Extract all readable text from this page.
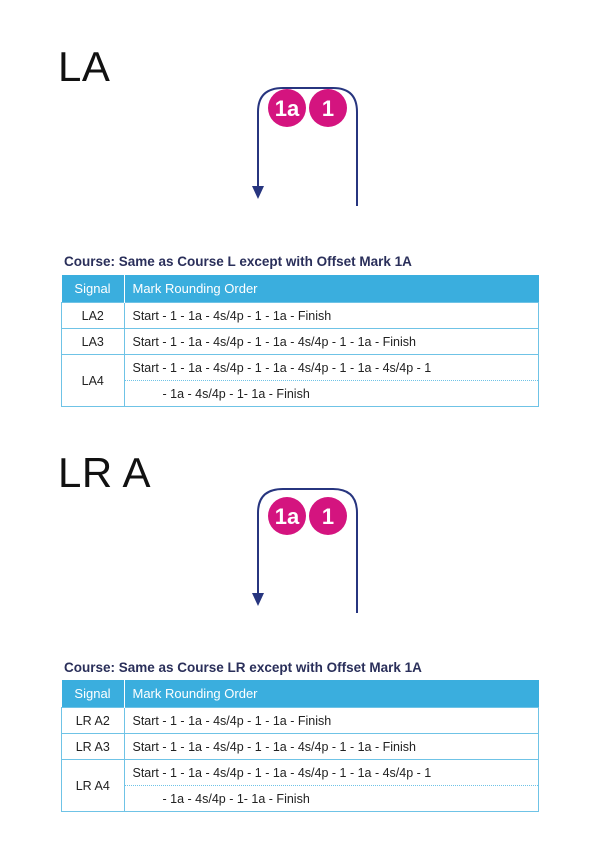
LA
1a 1
Course: Same as Course L except with Offset Mark 1A
Signal	Mark Rounding Order
LA2	Start - 1 - 1a - 4s/4p - 1 - 1a - Finish
LA3	Start - 1 - 1a - 4s/4p - 1 - 1a - 4s/4p - 1 - 1a - Finish
LA4	Start - 1 - 1a - 4s/4p - 1 - 1a - 4s/4p - 1 - 1a - 4s/4p - 1
	- 1a - 4s/4p - 1- 1a - Finish
LR A
1a 1
Course: Same as Course LR except with Offset Mark 1A
Signal	Mark Rounding Order
LR A2	Start - 1 - 1a - 4s/4p - 1 - 1a - Finish
LR A3	Start - 1 - 1a - 4s/4p - 1 - 1a - 4s/4p - 1 - 1a - Finish
LR A4	Start - 1 - 1a - 4s/4p - 1 - 1a - 4s/4p - 1 - 1a - 4s/4p - 1
	- 1a - 4s/4p - 1- 1a - Finish
